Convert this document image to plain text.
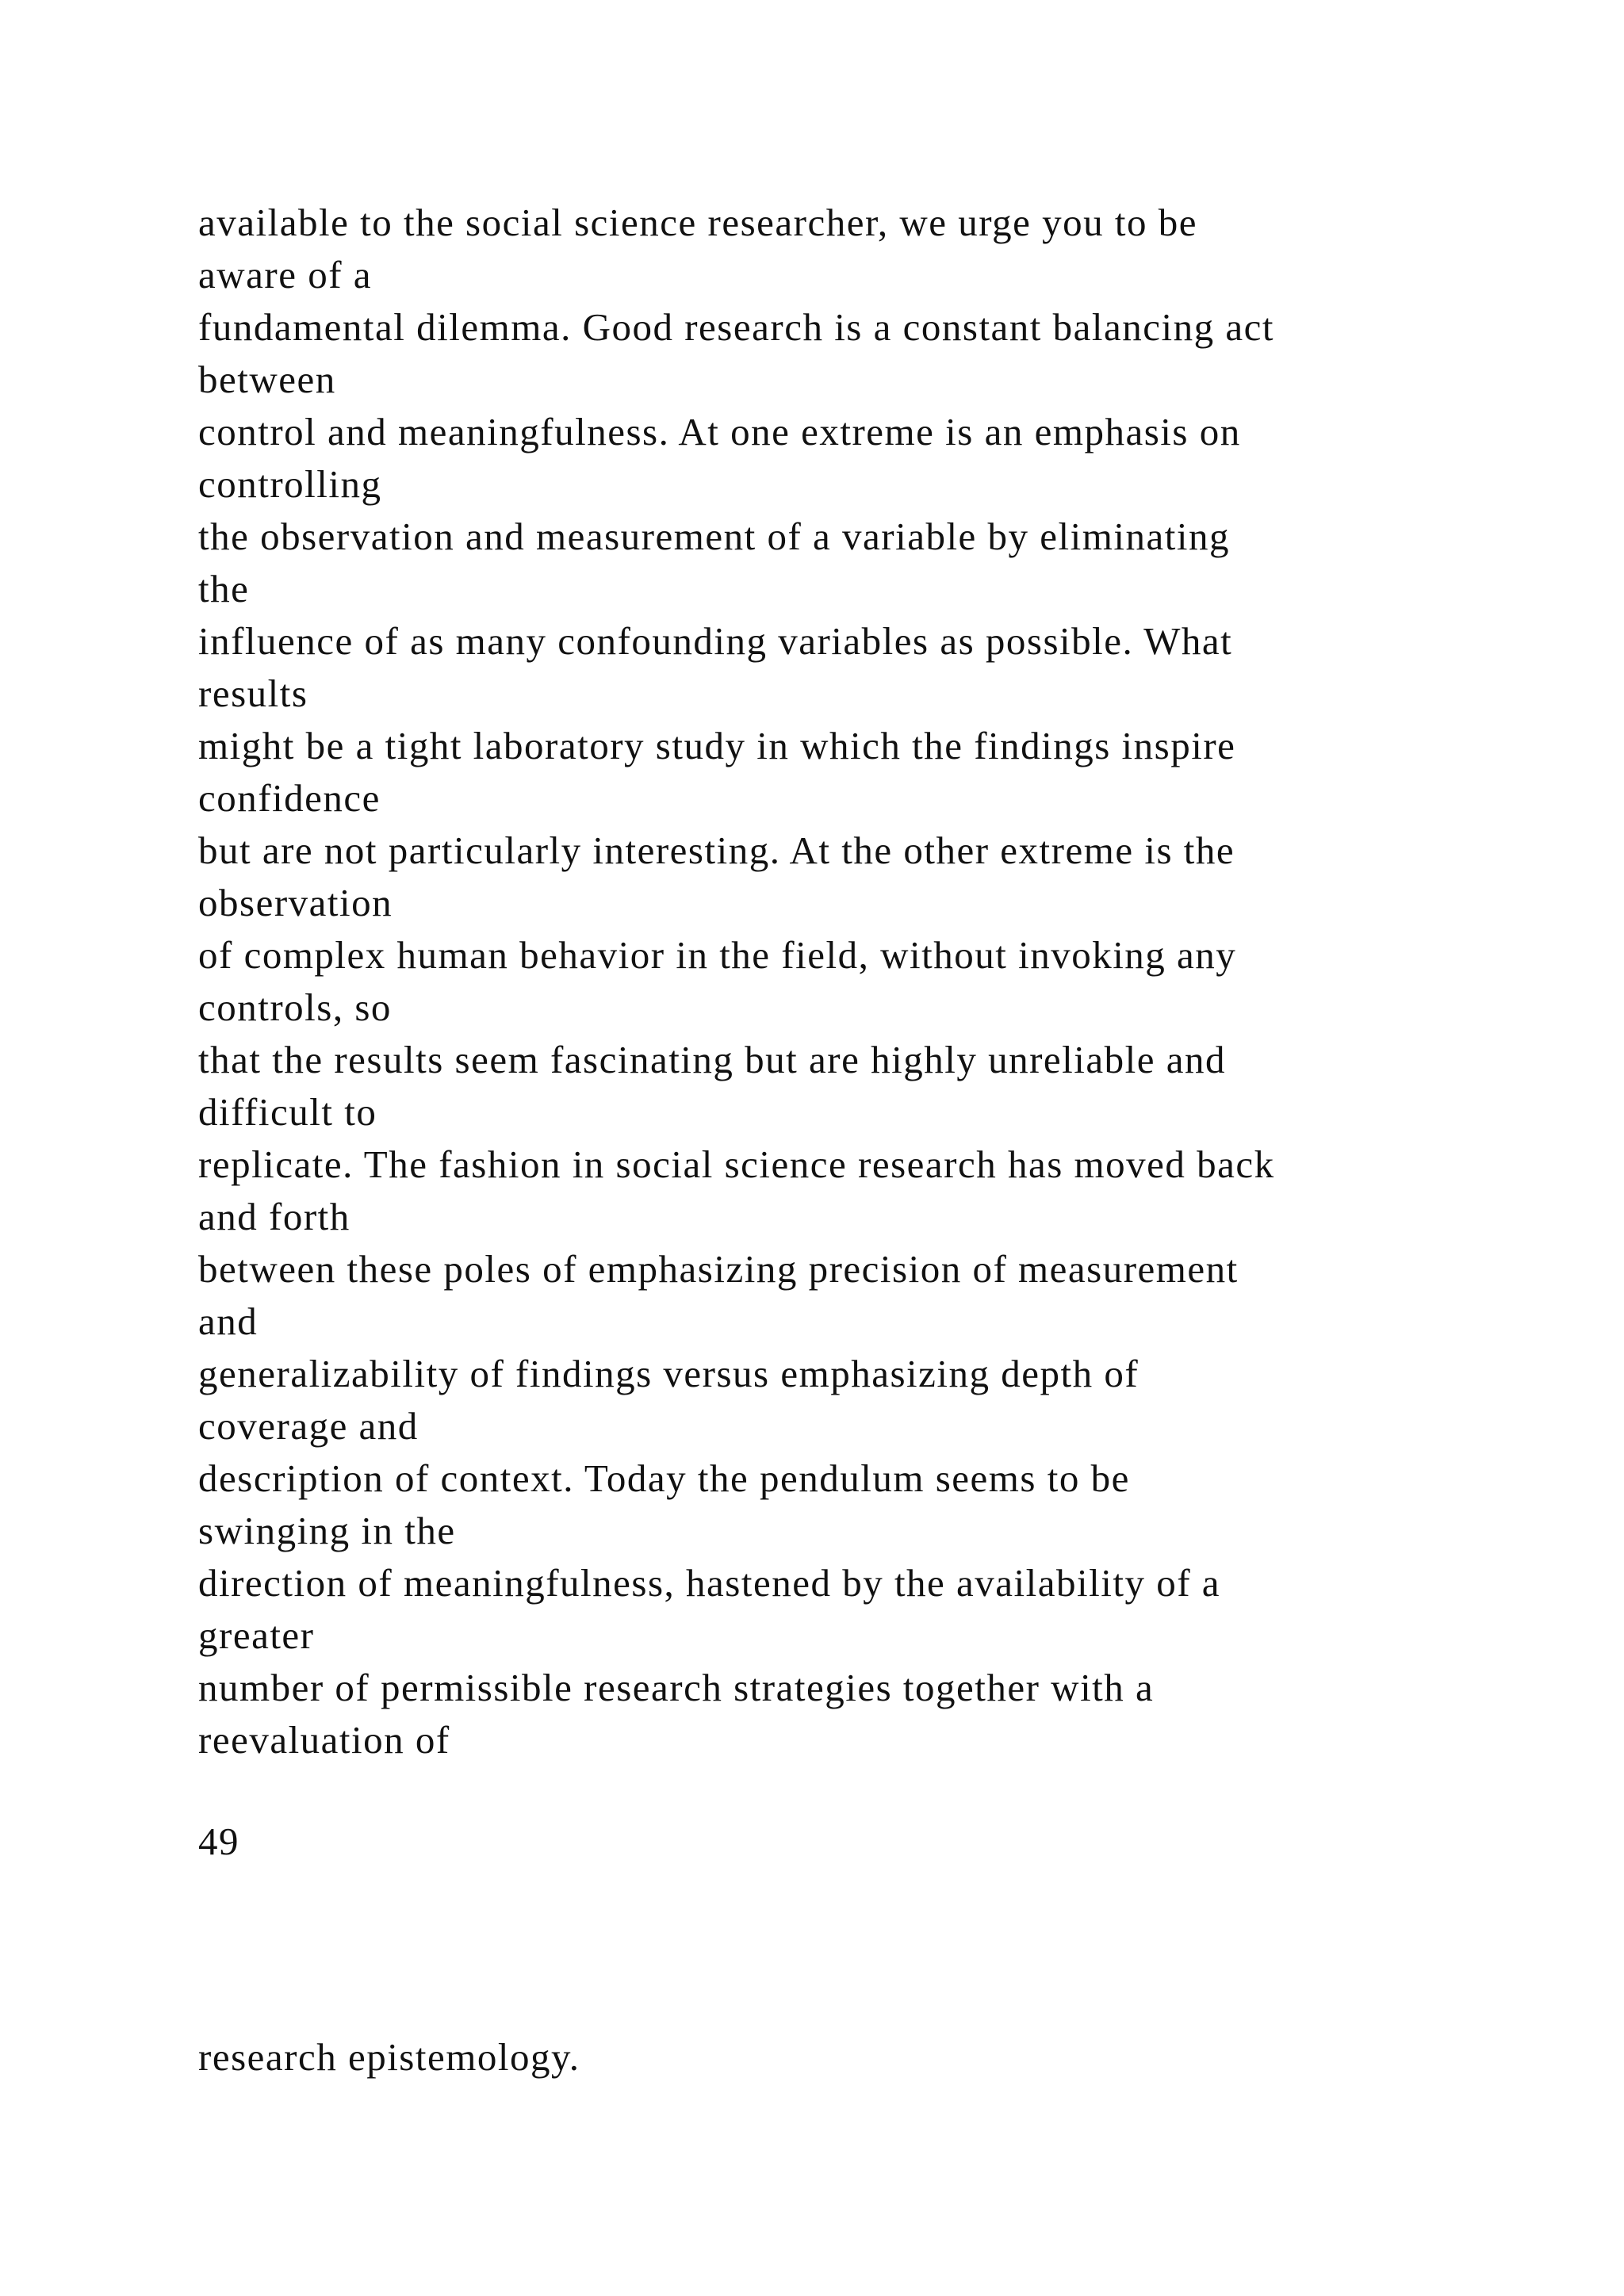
available to the social science researcher, we urge you to be
aware of a
fundamental dilemma. Good research is a constant balancing act
between
control and meaningfulness. At one extreme is an emphasis on
controlling
the observation and measurement of a variable by eliminating
the
influence of as many confounding variables as possible. What
results
might be a tight laboratory study in which the findings inspire
confidence
but are not particularly interesting. At the other extreme is the
observation
of complex human behavior in the field, without invoking any
controls, so
that the results seem fascinating but are highly unreliable and
difficult to
replicate. The fashion in social science research has moved back
and forth
between these poles of emphasizing precision of measurement
and
generalizability of findings versus emphasizing depth of
coverage and
description of context. Today the pendulum seems to be
swinging in the
direction of meaningfulness, hastened by the availability of a
greater
number of permissible research strategies together with a
reevaluation of
49
research epistemology.
